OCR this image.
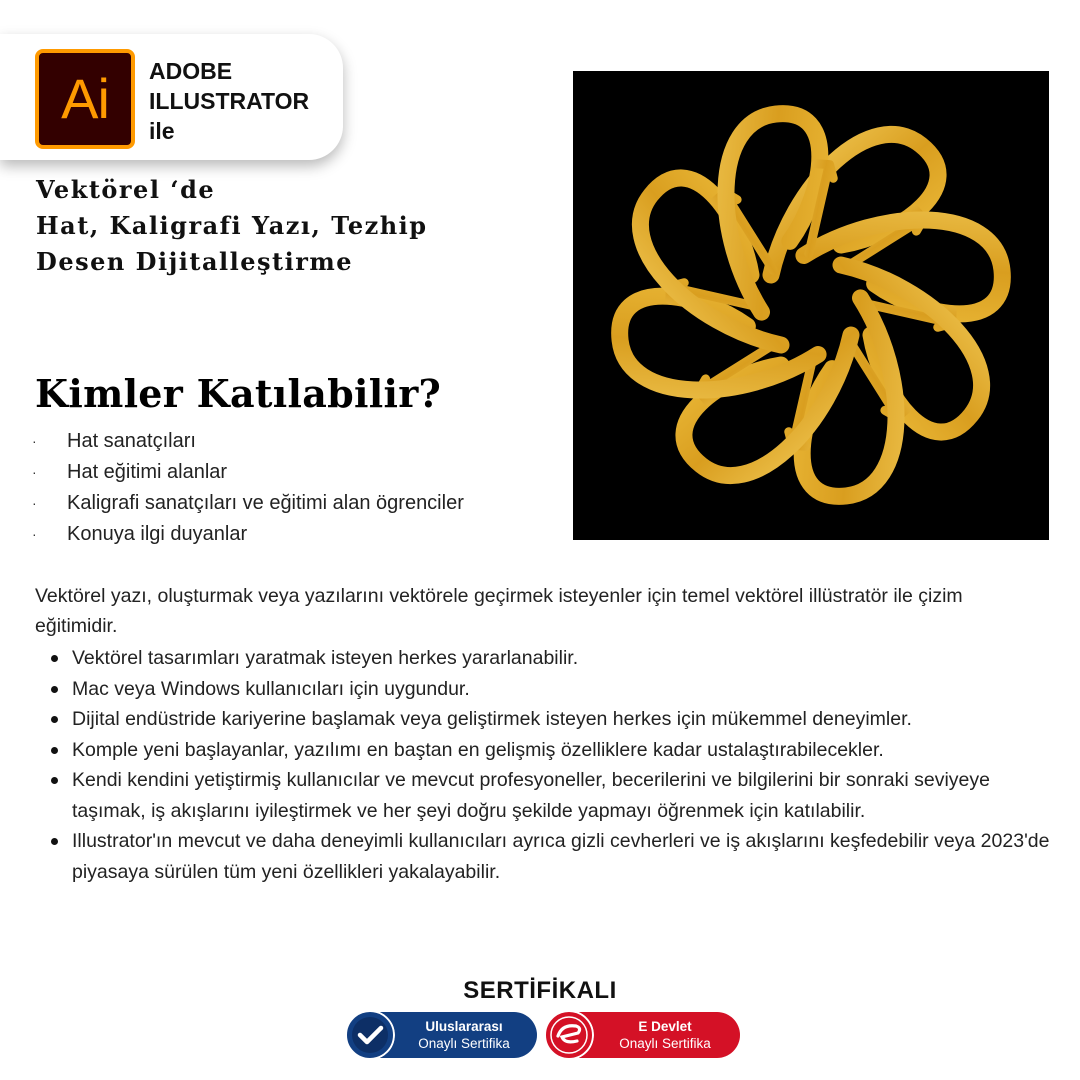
Ai ADOBE
ILLUSTRATOR
ile
Vektörel ‘de
Hat, Kaligrafi Yazı, Tezhip
Desen Dijitalleştirme
Kimler Katılabilir?
· Hat sanatçıları
· Hat eğitimi alanlar
· Kaligrafi sanatçıları ve eğitimi alan ögrenciler
· Konuya ilgi duyanlar
Vektörel yazı, oluşturmak veya yazılarını vektörele geçirmek isteyenler için temel vektörel illüstratör ile çizim eğitimidir.
Vektörel tasarımları yaratmak isteyen herkes yararlanabilir.
Mac veya Windows kullanıcıları için uygundur.
Dijital endüstride kariyerine başlamak veya geliştirmek isteyen herkes için mükemmel deneyimler.
Komple yeni başlayanlar, yazılımı en baştan en gelişmiş özelliklere kadar ustalaştırabilecekler.
Kendi kendini yetiştirmiş kullanıcılar ve mevcut profesyoneller, becerilerini ve bilgilerini bir sonraki seviyeye taşımak, iş akışlarını iyileştirmek ve her şeyi doğru şekilde yapmayı öğrenmek için katılabilir.
Illustrator'ın mevcut ve daha deneyimli kullanıcıları ayrıca gizli cevherleri ve iş akışlarını keşfedebilir veya 2023'de piyasaya sürülen tüm yeni özellikleri yakalayabilir.
SERTİFİKALI
Uluslararası
Onaylı Sertifika
E Devlet
Onaylı Sertifika
